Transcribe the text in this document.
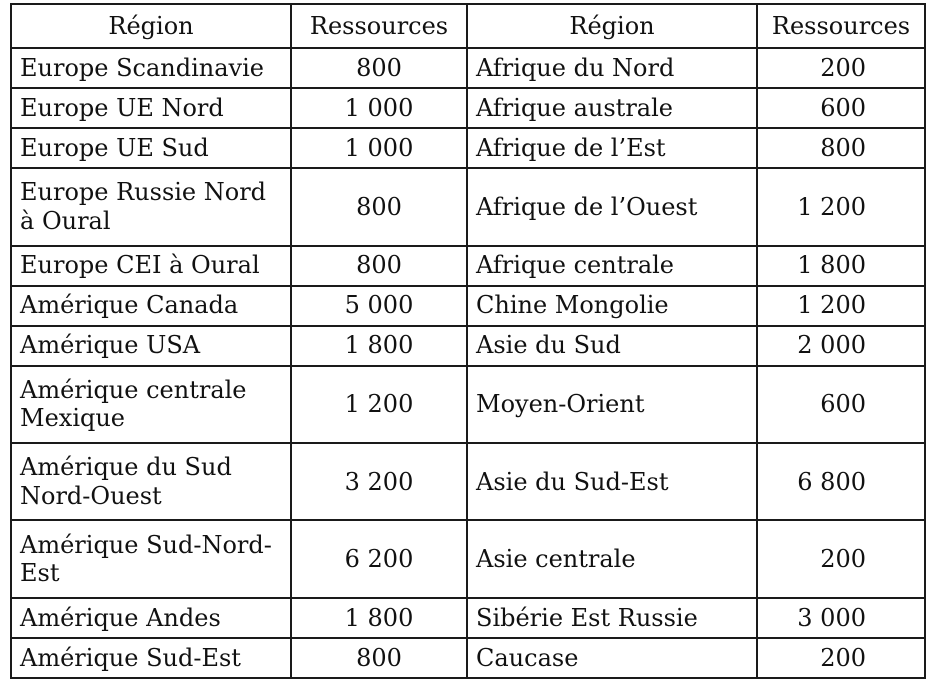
Région	Ressources	Région	Ressources
Europe Scandinavie	800	Afrique du Nord	200
Europe UE Nord	1 000	Afrique australe	600
Europe UE Sud	1 000	Afrique de l’Est	800
Europe Russie Nord à Oural	800	Afrique de l’Ouest	1 200
Europe CEI à Oural	800	Afrique centrale	1 800
Amérique Canada	5 000	Chine Mongolie	1 200
Amérique USA	1 800	Asie du Sud	2 000
Amérique centrale Mexique	1 200	Moyen-Orient	600
Amérique du Sud Nord-Ouest	3 200	Asie du Sud-Est	6 800
Amérique Sud-Nord-Est	6 200	Asie centrale	200
Amérique Andes	1 800	Sibérie Est Russie	3 000
Amérique Sud-Est	800	Caucase	200
